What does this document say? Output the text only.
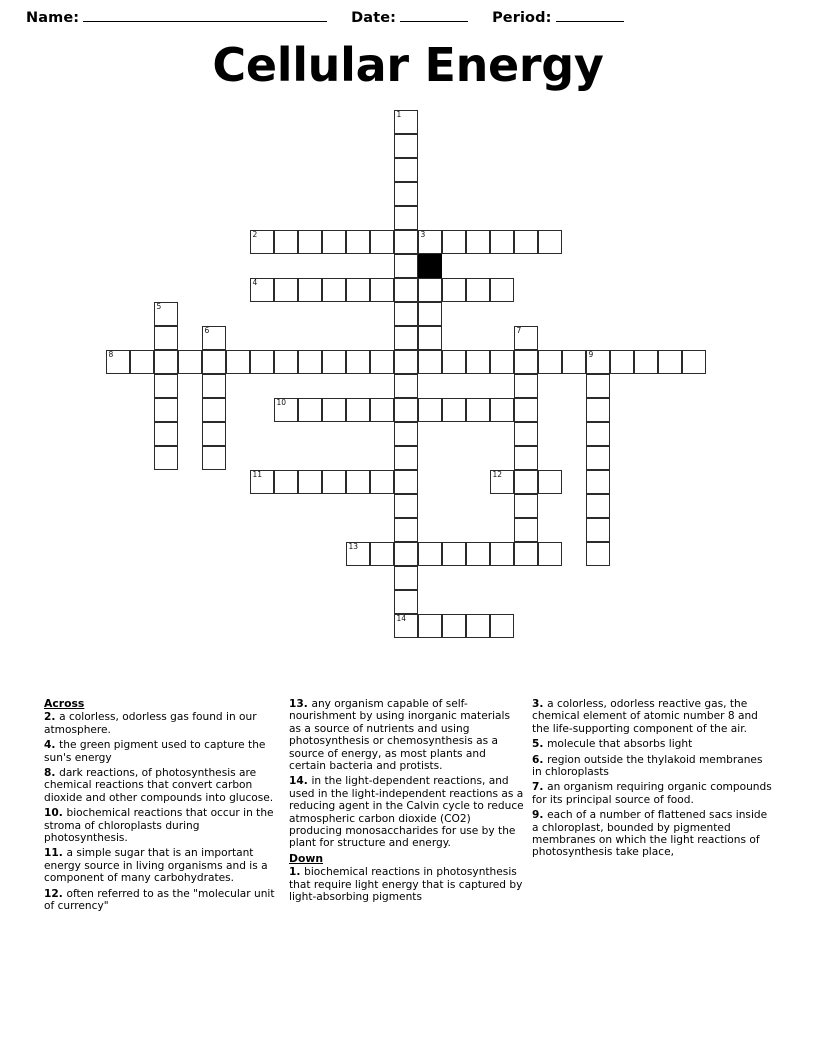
Name:	Date:	Period:
Cellular Energy
1
14
2	3
4
5
6	7
8	9
10
11	12
13
Across
2. a colorless, odorless gas found in our atmosphere.
4. the green pigment used to capture the sun's energy
8. dark reactions, of photosynthesis are chemical reactions that convert carbon dioxide and other compounds into glucose.
10. biochemical reactions that occur in the stroma of chloroplasts during photosynthesis.
11. a simple sugar that is an important energy source in living organisms and is a component of many carbohydrates.
12. often referred to as the "molecular unit of currency"
13. any organism capable of self-nourishment by using inorganic materials as a source of nutrients and using photosynthesis or chemosynthesis as a source of energy, as most plants and certain bacteria and protists.
14. in the light-dependent reactions, and used in the light-independent reactions as a reducing agent in the Calvin cycle to reduce atmospheric carbon dioxide (CO2) producing monosaccharides for use by the plant for structure and energy.
Down
1. biochemical reactions in photosynthesis that require light energy that is captured by light-absorbing pigments
3. a colorless, odorless reactive gas, the chemical element of atomic number 8 and the life-supporting component of the air.
5. molecule that absorbs light
6. region outside the thylakoid membranes in chloroplasts
7. an organism requiring organic compounds for its principal source of food.
9. each of a number of flattened sacs inside a chloroplast, bounded by pigmented membranes on which the light reactions of photosynthesis take place,
